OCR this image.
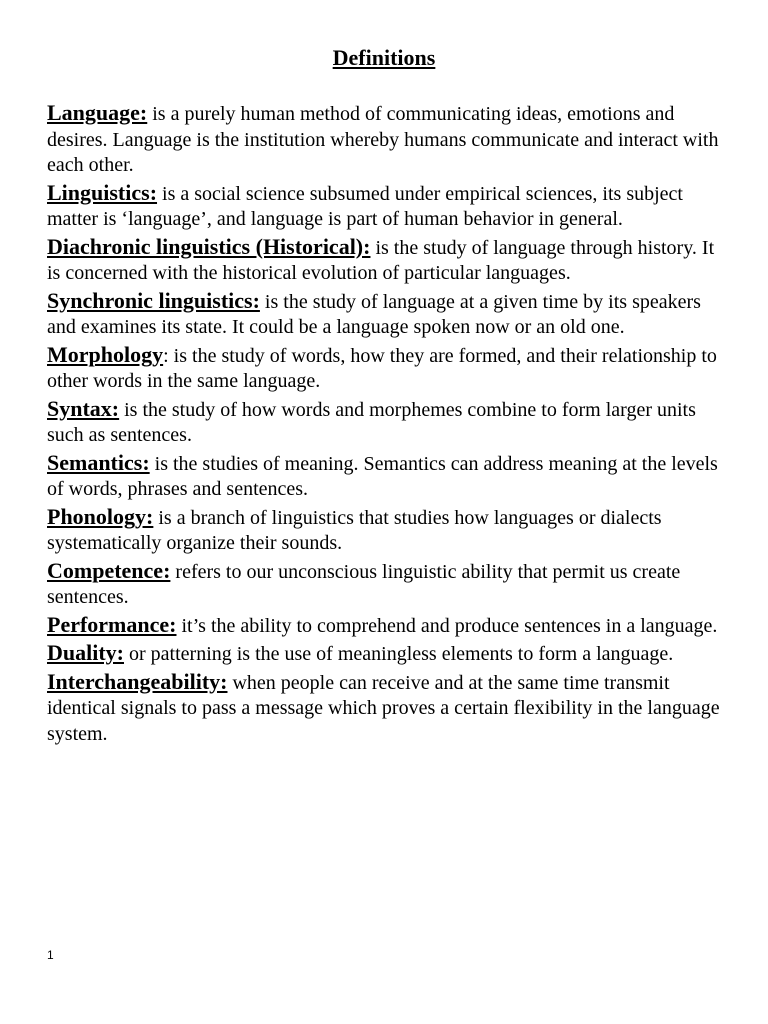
Definitions

Language: is a purely human method of communicating ideas, emotions and desires. Language is the institution whereby humans communicate and interact with each other.

Linguistics: is a social science subsumed under empirical sciences, its subject matter is ‘language’, and language is part of human behavior in general.

Diachronic linguistics (Historical): is the study of language through history. It is concerned with the historical evolution of particular languages.

Synchronic linguistics: is the study of language at a given time by its speakers and examines its state. It could be a language spoken now or an old one.

Morphology: is the study of words, how they are formed, and their relationship to other words in the same language.

Syntax: is the study of how words and morphemes combine to form larger units such as sentences.

Semantics: is the studies of meaning. Semantics can address meaning at the levels of words, phrases and sentences.

Phonology: is a branch of linguistics that studies how languages or dialects systematically organize their sounds.

Competence: refers to our unconscious linguistic ability that permit us create sentences.

Performance: it’s the ability to comprehend and produce sentences in a language.

Duality: or patterning is the use of meaningless elements to form a language.

Interchangeability: when people can receive and at the same time transmit identical signals to pass a message which proves a certain flexibility in the language system.

1
